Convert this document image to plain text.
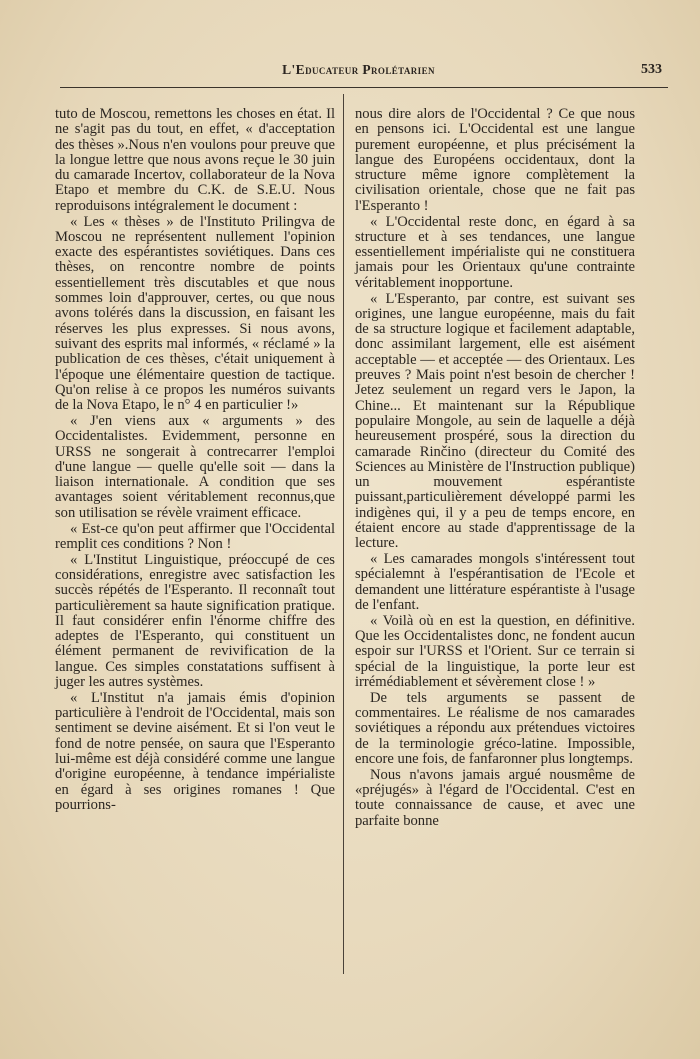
L'Educateur Prolétarien	533

tuto de Moscou, remettons les choses en état. Il ne s'agit pas du tout, en effet, « d'acceptation des thèses ».Nous n'en voulons pour preuve que la longue lettre que nous avons reçue le 30 juin du camarade Incertov, collaborateur de la Nova Etapo et membre du C.K. de S.E.U. Nous reproduisons intégralement le document :

« Les « thèses » de l'Instituto Prilingva de Moscou ne représentent nullement l'opinion exacte des espérantistes soviétiques. Dans ces thèses, on rencontre nombre de points essentiellement très discutables et que nous sommes loin d'approuver, certes, ou que nous avons tolérés dans la discussion, en faisant les réserves les plus expresses. Si nous avons, suivant des esprits mal informés, « réclamé » la publication de ces thèses, c'était uniquement à l'époque une élémentaire question de tactique. Qu'on relise à ce propos les numéros suivants de la Nova Etapo, le n° 4 en particulier !»

« J'en viens aux « arguments » des Occidentalistes. Evidemment, personne en URSS ne songerait à contrecarrer l'emploi d'une langue — quelle qu'elle soit — dans la liaison internationale. A condition que ses avantages soient véritablement reconnus,que son utilisation se révèle vraiment efficace.

« Est-ce qu'on peut affirmer que l'Occidental remplit ces conditions ? Non !

« L'Institut Linguistique, préoccupé de ces considérations, enregistre avec satisfaction les succès répétés de l'Esperanto. Il reconnaît tout particulièrement sa haute signification pratique. Il faut considérer enfin l'énorme chiffre des adeptes de l'Esperanto, qui constituent un élément permanent de revivification de la langue. Ces simples constatations suffisent à juger les autres systèmes.

« L'Institut n'a jamais émis d'opinion particulière à l'endroit de l'Occidental, mais son sentiment se devine aisément. Et si l'on veut le fond de notre pensée, on saura que l'Esperanto lui-même est déjà considéré comme une langue d'origine européenne, à tendance impérialiste en égard à ses origines romanes ! Que pourrions-

nous dire alors de l'Occidental ? Ce que nous en pensons ici. L'Occidental est une langue purement européenne, et plus précisément la langue des Européens occidentaux, dont la structure même ignore complètement la civilisation orientale, chose que ne fait pas l'Esperanto !

« L'Occidental reste donc, en égard à sa structure et à ses tendances, une langue essentiellement impérialiste qui ne constituera jamais pour les Orientaux qu'une contrainte véritablement inopportune.

« L'Esperanto, par contre, est suivant ses origines, une langue européenne, mais du fait de sa structure logique et facilement adaptable, donc assimilant largement, elle est aisément acceptable — et acceptée — des Orientaux. Les preuves ? Mais point n'est besoin de chercher ! Jetez seulement un regard vers le Japon, la Chine... Et maintenant sur la République populaire Mongole, au sein de laquelle a déjà heureusement prospéré, sous la direction du camarade Rinčino (directeur du Comité des Sciences au Ministère de l'Instruction publique) un mouvement espérantiste puissant,particulièrement développé parmi les indigènes qui, il y a peu de temps encore, en étaient encore au stade d'apprentissage de la lecture.

« Les camarades mongols s'intéressent tout spécialemnt à l'espérantisation de l'Ecole et demandent une littérature espérantiste à l'usage de l'enfant.

« Voilà où en est la question, en définitive. Que les Occidentalistes donc, ne fondent aucun espoir sur l'URSS et l'Orient. Sur ce terrain si spécial de la linguistique, la porte leur est irrémédiablement et sévèrement close ! »

De tels arguments se passent de commentaires. Le réalisme de nos camarades soviétiques a répondu aux prétendues victoires de la terminologie gréco-latine. Impossible, encore une fois, de fanfaronner plus longtemps.

Nous n'avons jamais argué nousmême de «préjugés» à l'égard de l'Occidental. C'est en toute connaissance de cause, et avec une parfaite bonne
